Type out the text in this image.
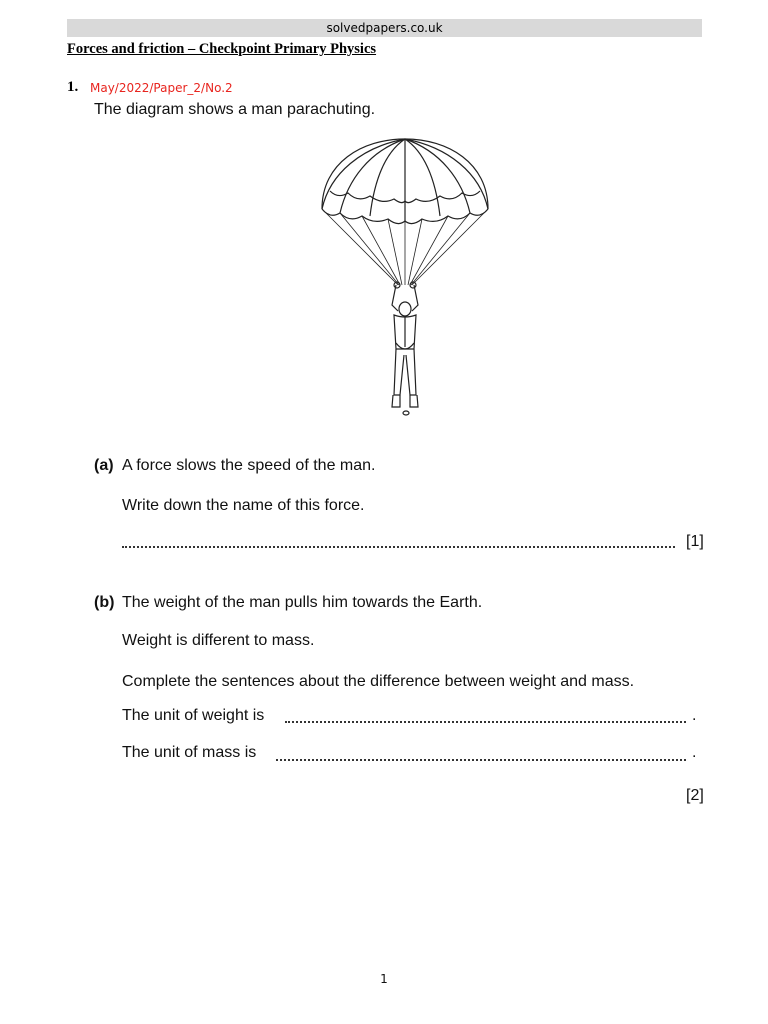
solvedpapers.co.uk
Forces and friction – Checkpoint Primary Physics
1. May/2022/Paper_2/No.2
The diagram shows a man parachuting.
(a) A force slows the speed of the man.
Write down the name of this force.
[1]
(b) The weight of the man pulls him towards the Earth.
Weight is different to mass.
Complete the sentences about the difference between weight and mass.
The unit of weight is	.
The unit of mass is	.
[2]
1
